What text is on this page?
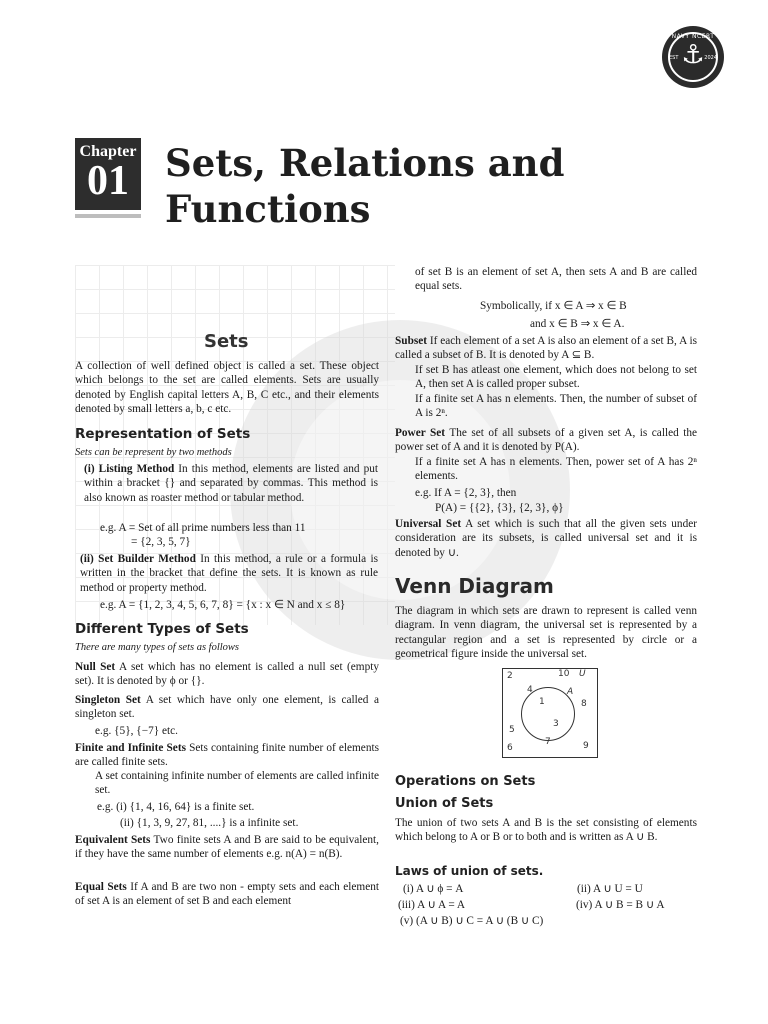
NAVY NCERT
⚓
EST	2024
Chapter
01 Sets, Relations and
Functions
Sets
A collection of well defined object is called a set. These object which belongs to the set are called elements. Sets are usually denoted by English capital letters A, B, C etc., and their elements denoted by small letters a, b, c etc.
Representation of Sets
Sets can be represent by two methods
(i) Listing Method In this method, elements are listed and put within a bracket {} and separated by commas. This method is also known as roaster method or tabular method.
e.g. A = Set of all prime numbers less than 11
= {2, 3, 5, 7}
(ii) Set Builder Method In this method, a rule or a formula is written in the bracket that define the sets. It is known as rule method or property method.
e.g. A = {1, 2, 3, 4, 5, 6, 7, 8} = {x : x ∈ N and x ≤ 8}
Different Types of Sets
There are many types of sets as follows
Null Set A set which has no element is called a null set (empty set). It is denoted by ϕ or {}.
Singleton Set A set which have only one element, is called a singleton set.
e.g. {5}, {−7} etc.
Finite and Infinite Sets Sets containing finite number of elements are called finite sets.
A set containing infinite number of elements are called infinite set.
e.g. (i) {1, 4, 16, 64} is a finite set.
(ii) {1, 3, 9, 27, 81, ....} is a infinite set.
Equivalent Sets Two finite sets A and B are said to be equivalent, if they have the same number of elements e.g. n(A) = n(B).
Equal Sets If A and B are two non - empty sets and each element of set A is an element of set B and each element
of set B is an element of set A, then sets A and B are called equal sets.
Symbolically, if x ∈ A ⇒ x ∈ B
and x ∈ B ⇒ x ∈ A.
Subset If each element of a set A is also an element of a set B, A is called a subset of B. It is denoted by A ⊆ B.
If set B has atleast one element, which does not belong to set A, then set A is called proper subset.
If a finite set A has n elements. Then, the number of subset of A is 2ⁿ.
Power Set The set of all subsets of a given set A, is called the power set of A and it is denoted by P(A).
If a finite set A has n elements. Then, power set of A has 2ⁿ elements.
e.g. If A = {2, 3}, then
P(A) = {{2}, {3}, {2, 3}, ϕ}
Universal Set A set which is such that all the given sets under consideration are its subsets, is called universal set and it is denoted by ∪.
Venn Diagram
The diagram in which sets are drawn to represent is called venn diagram. In venn diagram, the universal set is represented by a rectangular region and a set is represented by circle or a geometrical figure inside the universal set.
2	10 U
4	A
1	8
3
5
7
6	9
Operations on Sets
Union of Sets
The union of two sets A and B is the set consisting of elements which belong to A or B or to both and is written as A ∪ B.
Laws of union of sets.
(i) A ∪ ϕ = A	(ii) A ∪ U = U
(iii) A ∪ A = A	(iv) A ∪ B = B ∪ A
(v) (A ∪ B) ∪ C = A ∪ (B ∪ C)
